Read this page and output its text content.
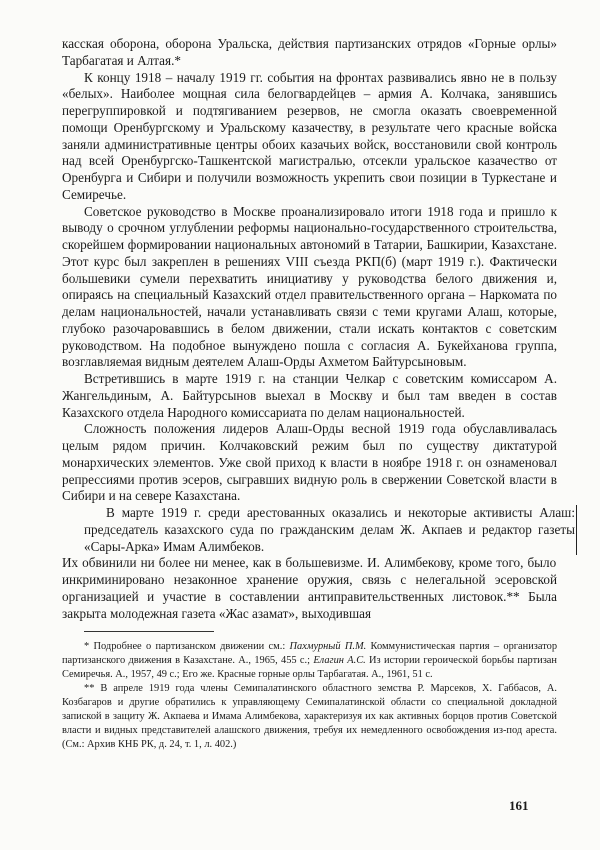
касская оборона, оборона Уральска, действия партизанских отрядов «Горные орлы» Тарбагатая и Алтая.*

К концу 1918 – началу 1919 гг. события на фронтах развивались явно не в пользу «белых». Наиболее мощная сила белогвардейцев – армия А. Колчака, занявшись перегруппировкой и подтягиванием резервов, не смогла оказать своевременной помощи Оренбургскому и Уральскому казачеству, в результате чего красные войска заняли административные центры обоих казачьих войск, восстановили свой контроль над всей Оренбургско-Ташкентской магистралью, отсекли уральское казачество от Оренбурга и Сибири и получили возможность укрепить свои позиции в Туркестане и Семиречье.

Советское руководство в Москве проанализировало итоги 1918 года и пришло к выводу о срочном углублении реформы национально-государственного строительства, скорейшем формировании национальных автономий в Татарии, Башкирии, Казахстане. Этот курс был закреплен в решениях VIII съезда РКП(б) (март 1919 г.). Фактически большевики сумели перехватить инициативу у руководства белого движения и, опираясь на специальный Казахский отдел правительственного органа – Наркомата по делам национальностей, начали устанавливать связи с теми кругами Алаш, которые, глубоко разочаровавшись в белом движении, стали искать контактов с советским руководством. На подобное вынуждено пошла с согласия А. Букейханова группа, возглавляемая видным деятелем Алаш-Орды Ахметом Байтурсыновым.

Встретившись в марте 1919 г. на станции Челкар с советским комиссаром А. Жангельдиным, А. Байтурсынов выехал в Москву и был там введен в состав Казахского отдела Народного комиссариата по делам национальностей.

Сложность положения лидеров Алаш-Орды весной 1919 года обуславливалась целым рядом причин. Колчаковский режим был по существу диктатурой монархических элементов. Уже свой приход к власти в ноябре 1918 г. он ознаменовал репрессиями против эсеров, сыгравших видную роль в свержении Советской власти в Сибири и на севере Казахстана.

В марте 1919 г. среди арестованных оказались и некоторые активисты Алаш: председатель казахского суда по гражданским делам Ж. Акпаев и редактор газеты «Сары-Арка» Имам Алимбеков. Их обвинили ни более ни менее, как в большевизме. И. Алимбекову, кроме того, было инкриминировано незаконное хранение оружия, связь с нелегальной эсеровской организацией и участие в составлении антиправительственных листовок.** Была закрыта молодежная газета «Жас азамат», выходившая

* Подробнее о партизанском движении см.: Пахмурный П.М. Коммунистическая партия – организатор партизанского движения в Казахстане. А., 1965, 455 с.; Елагин А.С. Из истории героической борьбы партизан Семиречья. А., 1957, 49 с.; Его же. Красные горные орлы Тарбагатая. А., 1961, 51 с.

** В апреле 1919 года члены Семипалатинского областного земства Р. Марсеков, Х. Габбасов, А. Козбагаров и другие обратились к управляющему Семипалатинской области со специальной докладной запиской в защиту Ж. Акпаева и Имама Алимбекова, характеризуя их как активных борцов против Советской власти и видных представителей алашского движения, требуя их немедленного освобождения из-под ареста. (См.: Архив КНБ РК, д. 24, т. 1, л. 402.)

161
